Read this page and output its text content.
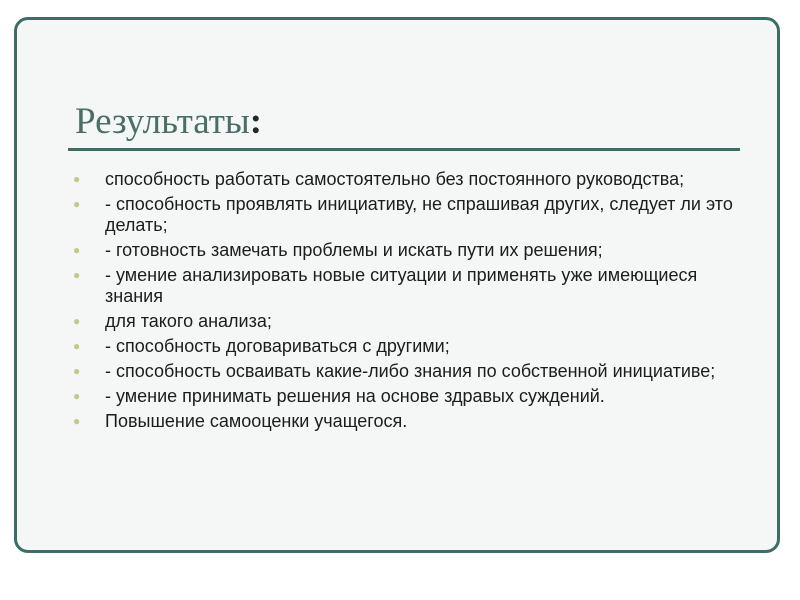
Результаты:
● способность работать самостоятельно без постоянного руководства;
● - способность проявлять инициативу, не спрашивая других, следует ли это делать;
● - готовность замечать проблемы и искать пути их решения;
● - умение анализировать новые ситуации и применять уже имеющиеся знания
● для такого анализа;
● - способность договариваться с другими;
● - способность осваивать какие-либо знания по собственной инициативе;
● - умение принимать решения на основе здравых суждений.
● Повышение самооценки учащегося.
